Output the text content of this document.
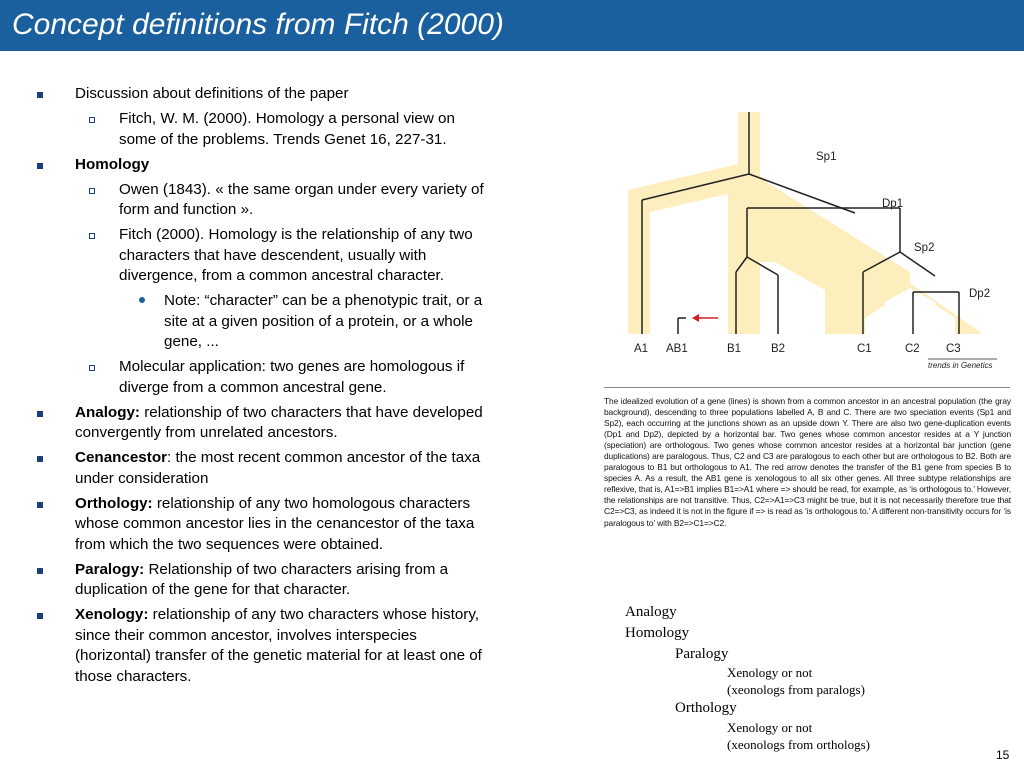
Concept definitions from Fitch (2000)
Discussion about definitions of the paper
Fitch, W. M. (2000). Homology a personal view on some of the problems. Trends Genet 16, 227-31.
Homology
Owen (1843). « the same organ under every variety of form and function ».
Fitch (2000). Homology is the relationship of any two characters that have descendent, usually with divergence, from a common ancestral character.
Note: “character” can be a phenotypic trait, or a site at a given position of a protein, or a whole gene, ...
Molecular application: two genes are homologous if diverge from a common ancestral gene.
Analogy: relationship of two characters that have developed convergently from unrelated ancestors.
Cenancestor: the most recent common ancestor of the taxa under consideration
Orthology: relationship of any two homologous characters whose common ancestor lies in the cenancestor of the taxa from which the two sequences were obtained.
Paralogy: Relationship of two characters arising from a duplication of the gene for that character.
Xenology: relationship of any two characters whose history, since their common ancestor, involves interspecies (horizontal) transfer of the genetic material for at least one of those characters.
Sp1
Dp1
Sp2
Dp2
A1 AB1	B1	B2	C1	C2 C3
trends in Genetics
The idealized evolution of a gene (lines) is shown from a common ancestor in an ancestral population (the gray background), descending to three populations labelled A, B and C. There are two speciation events (Sp1 and Sp2), each occurring at the junctions shown as an upside down Y. There are also two gene-duplication events (Dp1 and Dp2), depicted by a horizontal bar. Two genes whose common ancestor resides at a Y junction (speciation) are orthologous. Two genes whose common ancestor resides at a horizontal bar junction (gene duplications) are paralogous. Thus, C2 and C3 are paralogous to each other but are orthologous to B2. Both are paralogous to B1 but orthologous to A1. The red arrow denotes the transfer of the B1 gene from species B to species A. As a result, the AB1 gene is xenologous to all six other genes. All three subtype relationships are reflexive, that is, A1=>B1 implies B1=>A1 where => should be read, for example, as ‘is orthologous to.’ However, the relationships are not transitive. Thus, C2=>A1=>C3 might be true, but it is not necessarily therefore true that C2=>C3, as indeed it is not in the figure if => is read as ‘is orthologous to.’ A different non-transitivity occurs for ‘is paralogous to’ with B2=>C1=>C2.
Analogy
Homology
Paralogy
Xenology or not
(xeonologs from paralogs)
Orthology
Xenology or not
(xeonologs from orthologs)
15
